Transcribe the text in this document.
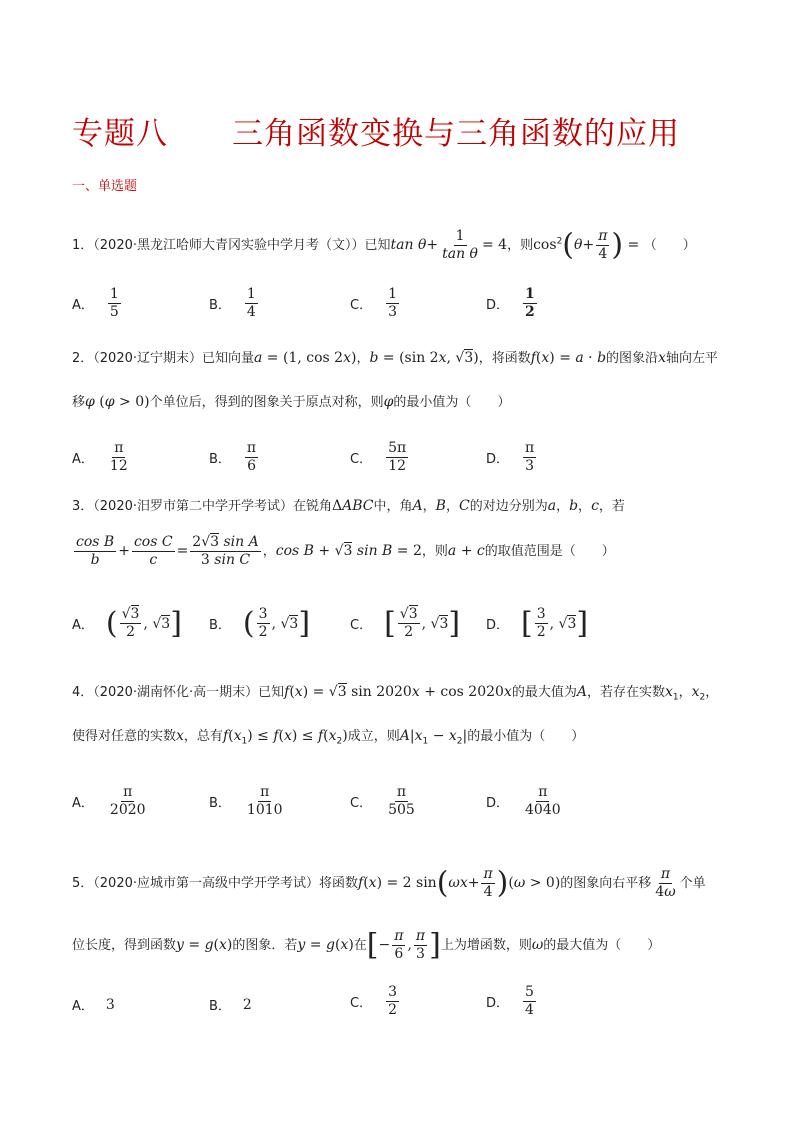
专题八 三角函数变换与三角函数的应用
一、单选题
1．（2020·黑龙江哈师大青冈实验中学月考（文））已知$\tan \theta+ \frac{1}{\text{tan θ}} = 4$，则$\cos^2(\theta+ \frac{\pi}{4}$ ) = （　　）
A． $\frac{1}{5}$	B． $\frac{1}{4}$	C． $\frac{1}{3}$	D． $\frac{1}{2}$
2．（2020·辽宁期末）已知向量a = (1, cos 2x)，b = (sin 2x, √3)，将函数f(x) = a · b的图象沿x轴向左平
移φ (φ > 0)个单位后，得到的图象关于原点对称，则φ的最小值为（　　）
A． $\frac{\pi}{12}$	B． $\frac{\pi}{6}$	C． $\frac{5\pi}{12}$	D． $\frac{\pi}{3}$
3．（2020·汨罗市第二中学开学考试）在锐角ΔABC中，角A，B，C的对边分别为a，b，c，若
$\frac{\text{cos B}}{b} + \frac{\text{cos C}}{c} = \frac{\text{2√3 sin A}}{\text{3 sin C}}$ ，cos B + √3 sin B = 2，则a + c的取值范围是（　　）
A． ( $\frac{√3}{2}$ , √3 ] B． ( $\frac{3}{2}$ , √3 ]	C． [ $\frac{√3}{2}$ , √3 ] D． [ $\frac{3}{2}$ , √3 ]
4．（2020·湖南怀化·高一期末）已知f(x) = √3 sin 2020x + cos 2020x的最大值为A，若存在实数$x_1$，$x_2$，
使得对任意的实数x，总有$f(x_1) \le f(x) \le f(x_2)$成立，则$A|x_1 - x_2|$的最小值为（　　）
A． $\frac{\pi}{2020}$	B． $\frac{\pi}{1010}$	C． $\frac{\pi}{505}$	D． $\frac{\pi}{4040}$
5．（2020·应城市第一高级中学开学考试）将函数f(x) = 2 $\sin(\omega x+ \frac{\pi}{4} )(\omega > 0)$的图象向右平移 $\frac{\pi}{4\omega}$ 个单
位长度，得到函数y = g(x)的图象．若y = g(x)在[− $\frac{\pi}{6}$ , $\frac{\pi}{3}$ ]上为增函数，则ω的最大值为（　　）
A． 3	B． 2	C． $\frac{3}{2}$	D． $\frac{5}{4}$
